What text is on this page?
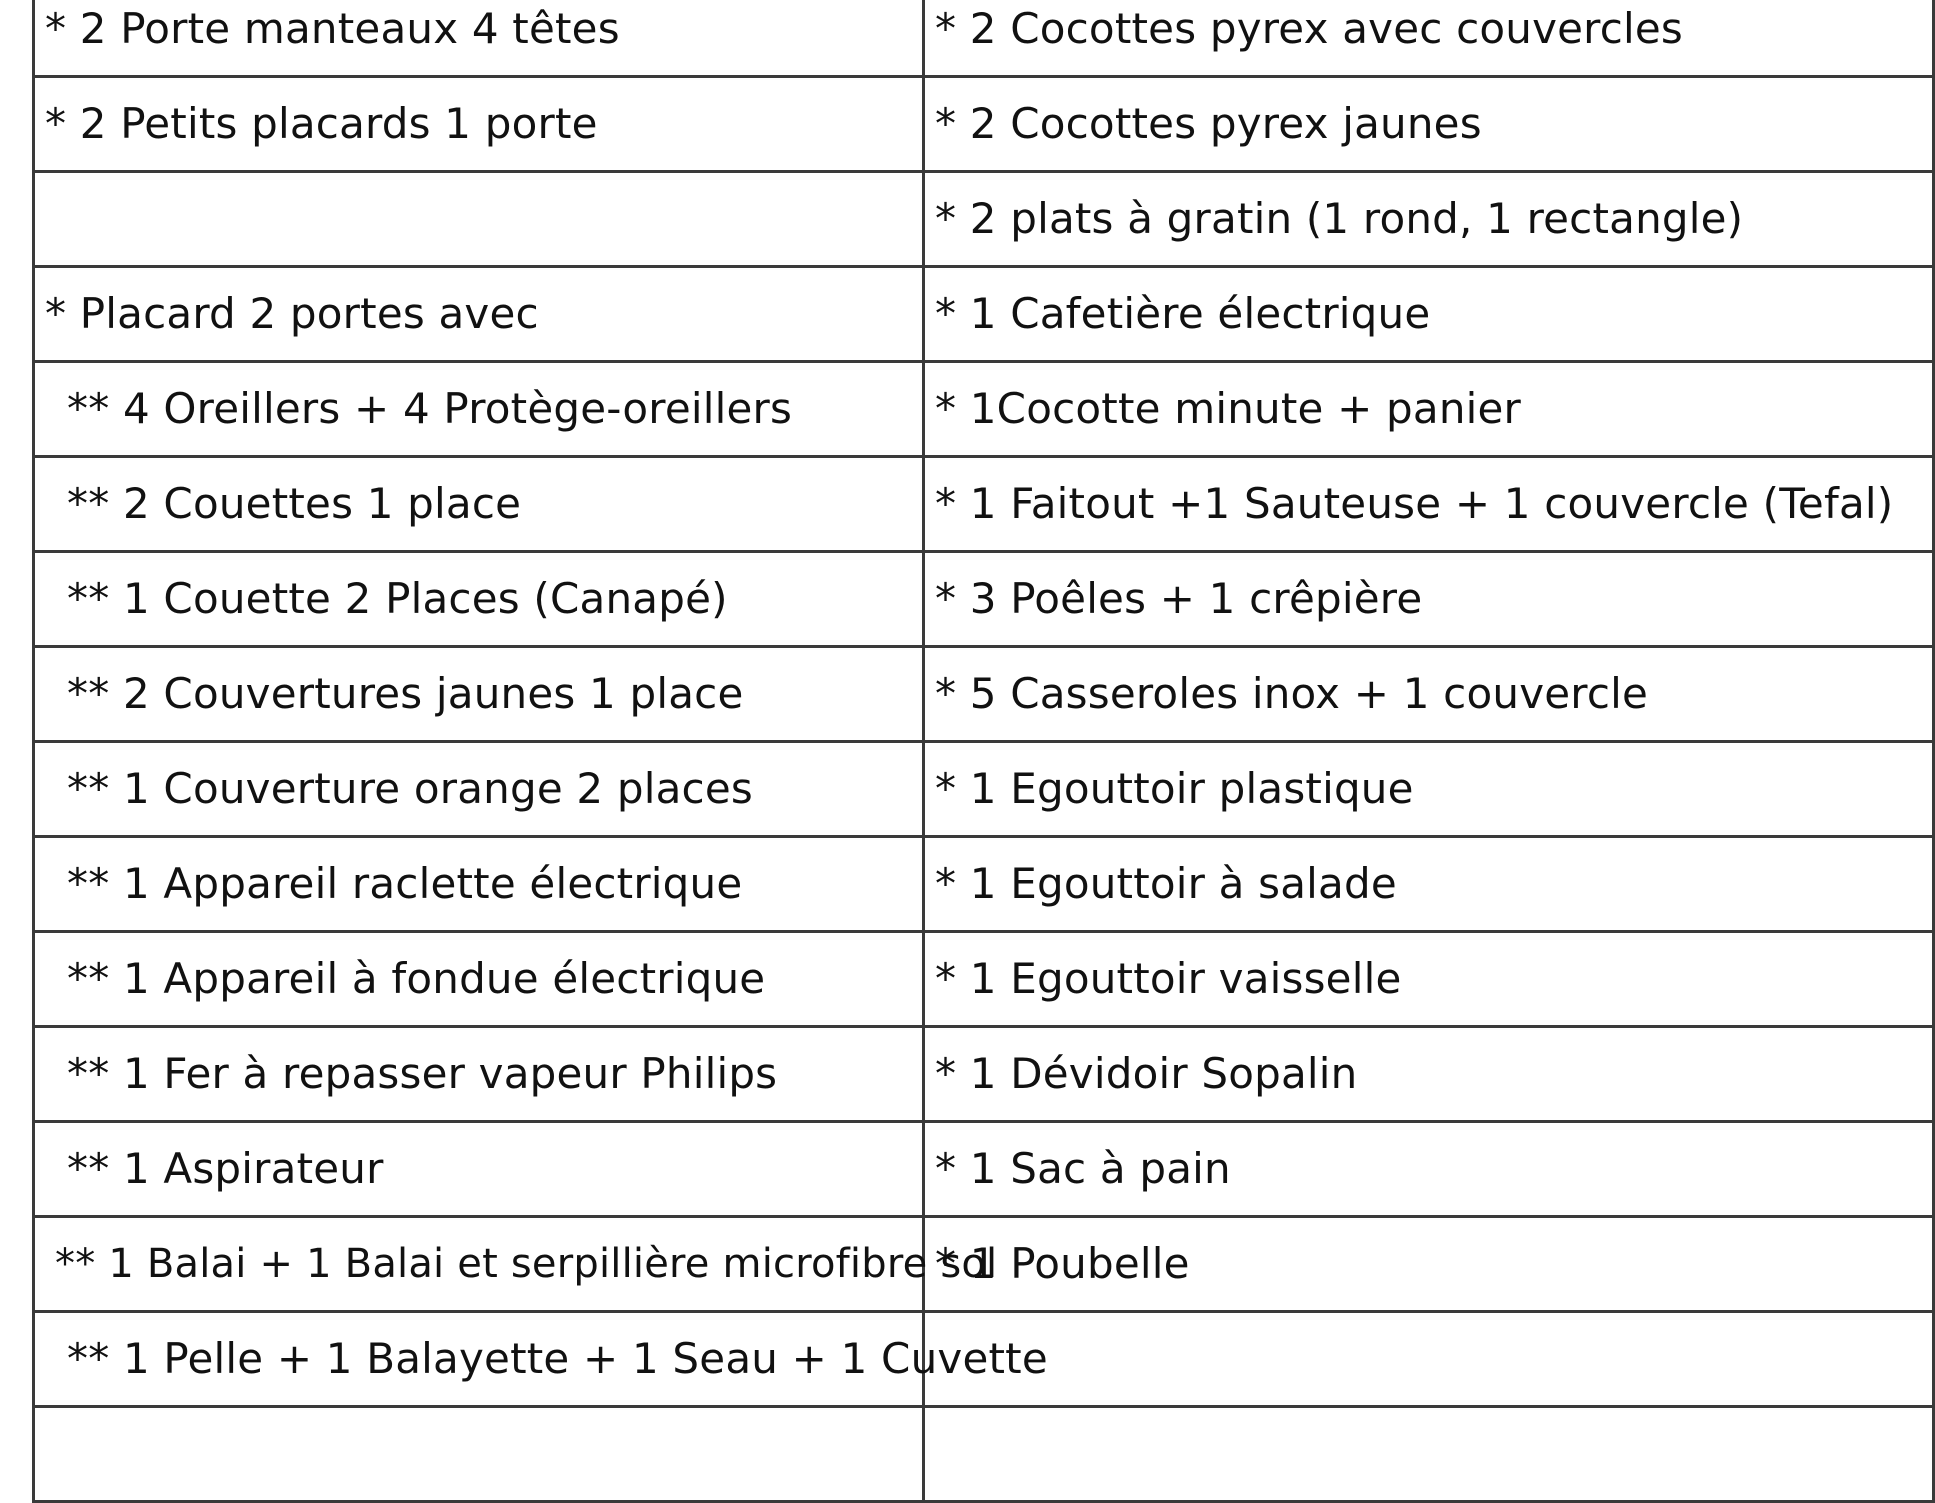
* 2 Porte manteaux 4 têtes	* 2 Cocottes pyrex avec couvercles
* 2 Petits placards 1 porte	* 2 Cocottes pyrex jaunes
	* 2 plats à gratin (1 rond, 1 rectangle)
* Placard 2 portes avec	* 1 Cafetière électrique
** 4 Oreillers + 4 Protège-oreillers	* 1Cocotte minute + panier
** 2 Couettes 1 place	* 1 Faitout +1 Sauteuse + 1 couvercle (Tefal)
** 1 Couette 2 Places (Canapé)	* 3 Poêles + 1 crêpière
** 2 Couvertures jaunes 1 place	* 5 Casseroles inox + 1 couvercle
** 1 Couverture orange 2 places	* 1 Egouttoir plastique
** 1 Appareil raclette électrique	* 1 Egouttoir à salade
** 1 Appareil à fondue électrique	* 1 Egouttoir vaisselle
** 1 Fer à repasser vapeur Philips	* 1 Dévidoir Sopalin
** 1 Aspirateur	* 1 Sac à pain
** 1 Balai + 1 Balai et serpillière microfibre sol	* 1 Poubelle
** 1 Pelle + 1 Balayette + 1 Seau + 1 Cuvette	
